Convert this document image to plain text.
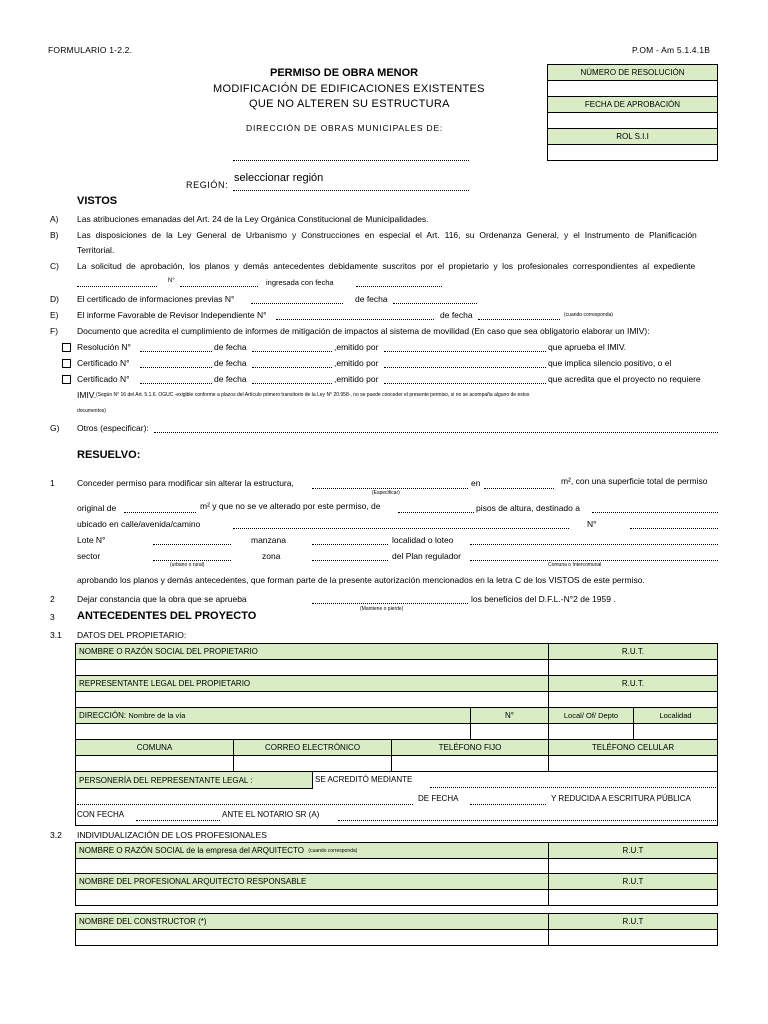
FORMULARIO 1-2.2.	P.OM - Am 5.1.4.1B
PERMISO DE OBRA MENOR
MODIFICACIÓN DE EDIFICACIONES EXISTENTES
QUE NO ALTEREN SU ESTRUCTURA
DIRECCIÓN DE OBRAS MUNICIPALES DE:
REGIÓN:
seleccionar región
NÚMERO DE RESOLUCIÓN
FECHA DE APROBACIÓN
ROL S.I.I
VISTOS
A) Las atribuciones emanadas del Art. 24 de la Ley Orgánica Constitucional de Municipalidades.
B) Las disposiciones de la Ley General de Urbanismo y Construcciones en especial el Art. 116, su Ordenanza General, y el Instrumento de Planificación
Territorial.
C) La solicitud de aprobación, los planos y demás antecedentes debidamente suscritos por el propietario y los profesionales correspondientes al expediente
N°	ingresada con fecha
D) El certificado de informaciones previas N°	de fecha
E) El informe Favorable de Revisor Independiente N°	de fecha	(cuando corresponda)
F) Documento que acredita el cumplimiento de informes de mitigación de impactos al sistema de movilidad (En caso que sea obligatorio elaborar un IMIV):
Resolución N°	de fecha	,emitido por	que aprueba el IMIV.
Certificado N°	de fecha	,emitido por	que implica silencio positivo, o el
Certificado N°	de fecha	,emitido por	que acredita que el proyecto no requiere
IMIV. (Según N° 16 del Art. 5.1.6. OGUC -exigible conforme a plazos del Artículo primero transitorio de la Ley N° 20.958-, no se puede conceder el presente permiso, si no se acompaña alguno de estos
documentos)
G) Otros (especificar):
RESUELVO:
1	Conceder permiso para modificar sin alterar la estructura,
(Especificar)
en	m², con una superficie total de permiso
original de	m² y que no se ve alterado por este permiso, de	pisos de altura, destinado a
ubicado en calle/avenida/camino	N°
Lote N°	manzana	localidad o loteo
sector
(urbano o rural)
zona	del Plan regulador
Comuna o Intercomunal
aprobando los planos y demás antecedentes, que forman parte de la presente autorización mencionados en la letra C de los VISTOS de este permiso.
2	Dejar constancia que la obra que se aprueba
(Mantiene o pierde)
los beneficios del D.F.L.-N°2 de 1959 .
3 ANTECEDENTES DEL PROYECTO
3.1 DATOS DEL PROPIETARIO:
NOMBRE O RAZÓN SOCIAL DEL PROPIETARIO	R.U.T.
REPRESENTANTE LEGAL DEL PROPIETARIO	R.U.T.
DIRECCIÓN:
Nombre de la vía	N°	Local/ Of/ Depto	Localidad
COMUNA	CORREO ELECTRÓNICO	TELÉFONO FIJO	TELÉFONO CELULAR
PERSONERÍA DEL REPRESENTANTE LEGAL :	SE ACREDITÓ MEDIANTE
DE FECHA	Y REDUCIDA A ESCRITURA PÚBLICA
CON FECHA	ANTE EL NOTARIO SR (A)
3.2 INDIVIDUALIZACIÓN DE LOS PROFESIONALES
NOMBRE O RAZÓN SOCIAL de la empresa del ARQUITECTO
(cuando corresponda)	R.U.T
NOMBRE DEL PROFESIONAL ARQUITECTO RESPONSABLE	R.U.T
NOMBRE DEL CONSTRUCTOR (*)	R.U.T
